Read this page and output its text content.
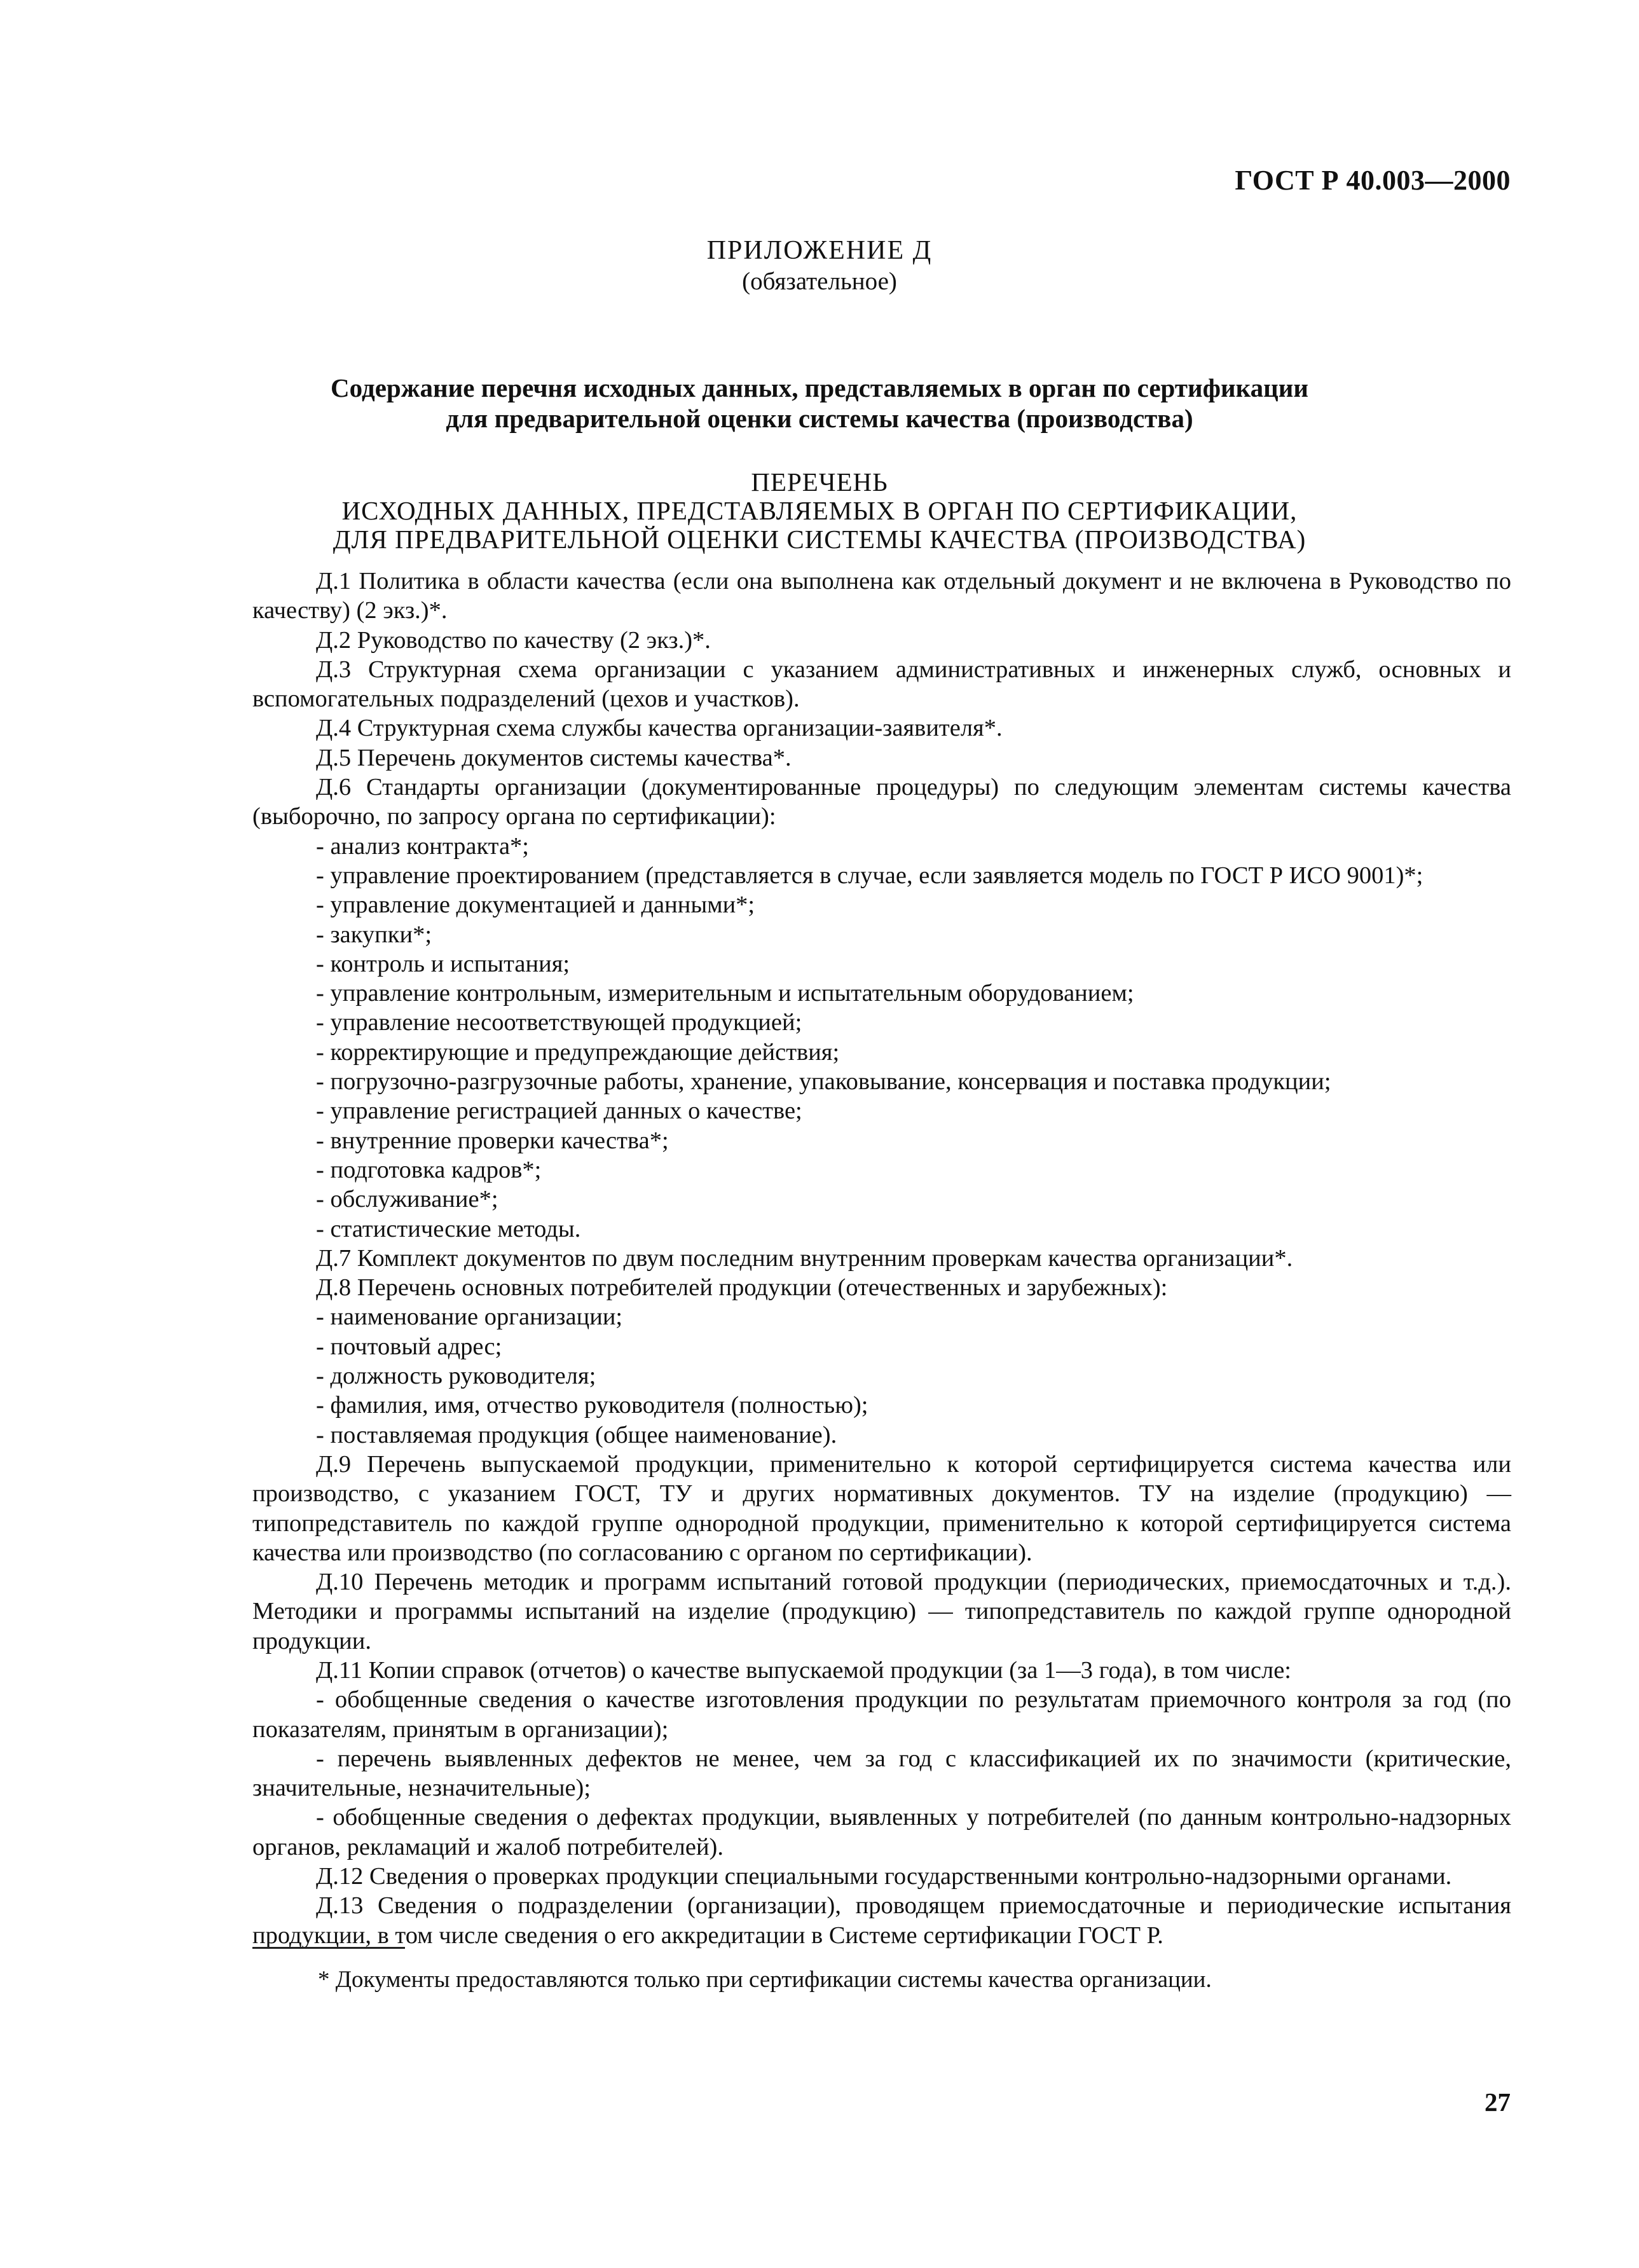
ГОСТ Р 40.003—2000
ПРИЛОЖЕНИЕ Д
(обязательное)
Содержание перечня исходных данных, представляемых в орган по сертификации
для предварительной оценки системы качества (производства)
ПЕРЕЧЕНЬ
ИСХОДНЫХ ДАННЫХ, ПРЕДСТАВЛЯЕМЫХ В ОРГАН ПО СЕРТИФИКАЦИИ,
ДЛЯ ПРЕДВАРИТЕЛЬНОЙ ОЦЕНКИ СИСТЕМЫ КАЧЕСТВА (ПРОИЗВОДСТВА)

Д.1 Политика в области качества (если она выполнена как отдельный документ и не включена в Руководство по качеству) (2 экз.)*.

Д.2 Руководство по качеству (2 экз.)*.

Д.3 Структурная схема организации с указанием административных и инженерных служб, основных и вспомогательных подразделений (цехов и участков).

Д.4 Структурная схема службы качества организации-заявителя*.

Д.5 Перечень документов системы качества*.

Д.6 Стандарты организации (документированные процедуры) по следующим элементам системы качества (выборочно, по запросу органа по сертификации):

- анализ контракта*;

- управление проектированием (представляется в случае, если заявляется модель по ГОСТ Р ИСО 9001)*;

- управление документацией и данными*;

- закупки*;

- контроль и испытания;

- управление контрольным, измерительным и испытательным оборудованием;

- управление несоответствующей продукцией;

- корректирующие и предупреждающие действия;

- погрузочно-разгрузочные работы, хранение, упаковывание, консервация и поставка продукции;

- управление регистрацией данных о качестве;

- внутренние проверки качества*;

- подготовка кадров*;

- обслуживание*;

- статистические методы.

Д.7 Комплект документов по двум последним внутренним проверкам качества организации*.

Д.8 Перечень основных потребителей продукции (отечественных и зарубежных):

- наименование организации;

- почтовый адрес;

- должность руководителя;

- фамилия, имя, отчество руководителя (полностью);

- поставляемая продукция (общее наименование).

Д.9 Перечень выпускаемой продукции, применительно к которой сертифицируется система качества или производство, с указанием ГОСТ, ТУ и других нормативных документов. ТУ на изделие (продукцию) — типопредставитель по каждой группе однородной продукции, применительно к которой сертифицируется система качества или производство (по согласованию с органом по сертификации).

Д.10 Перечень методик и программ испытаний готовой продукции (периодических, приемосдаточных и т.д.). Методики и программы испытаний на изделие (продукцию) — типопредставитель по каждой группе однородной продукции.

Д.11 Копии справок (отчетов) о качестве выпускаемой продукции (за 1—3 года), в том числе:

- обобщенные сведения о качестве изготовления продукции по результатам приемочного контроля за год (по показателям, принятым в организации);

- перечень выявленных дефектов не менее, чем за год с классификацией их по значимости (критические, значительные, незначительные);

- обобщенные сведения о дефектах продукции, выявленных у потребителей (по данным контрольно-надзорных органов, рекламаций и жалоб потребителей).

Д.12 Сведения о проверках продукции специальными государственными контрольно-надзорными органами.

Д.13 Сведения о подразделении (организации), проводящем приемосдаточные и периодические испытания продукции, в том числе сведения о его аккредитации в Системе сертификации ГОСТ Р.

* Документы предоставляются только при сертификации системы качества организации.
27
